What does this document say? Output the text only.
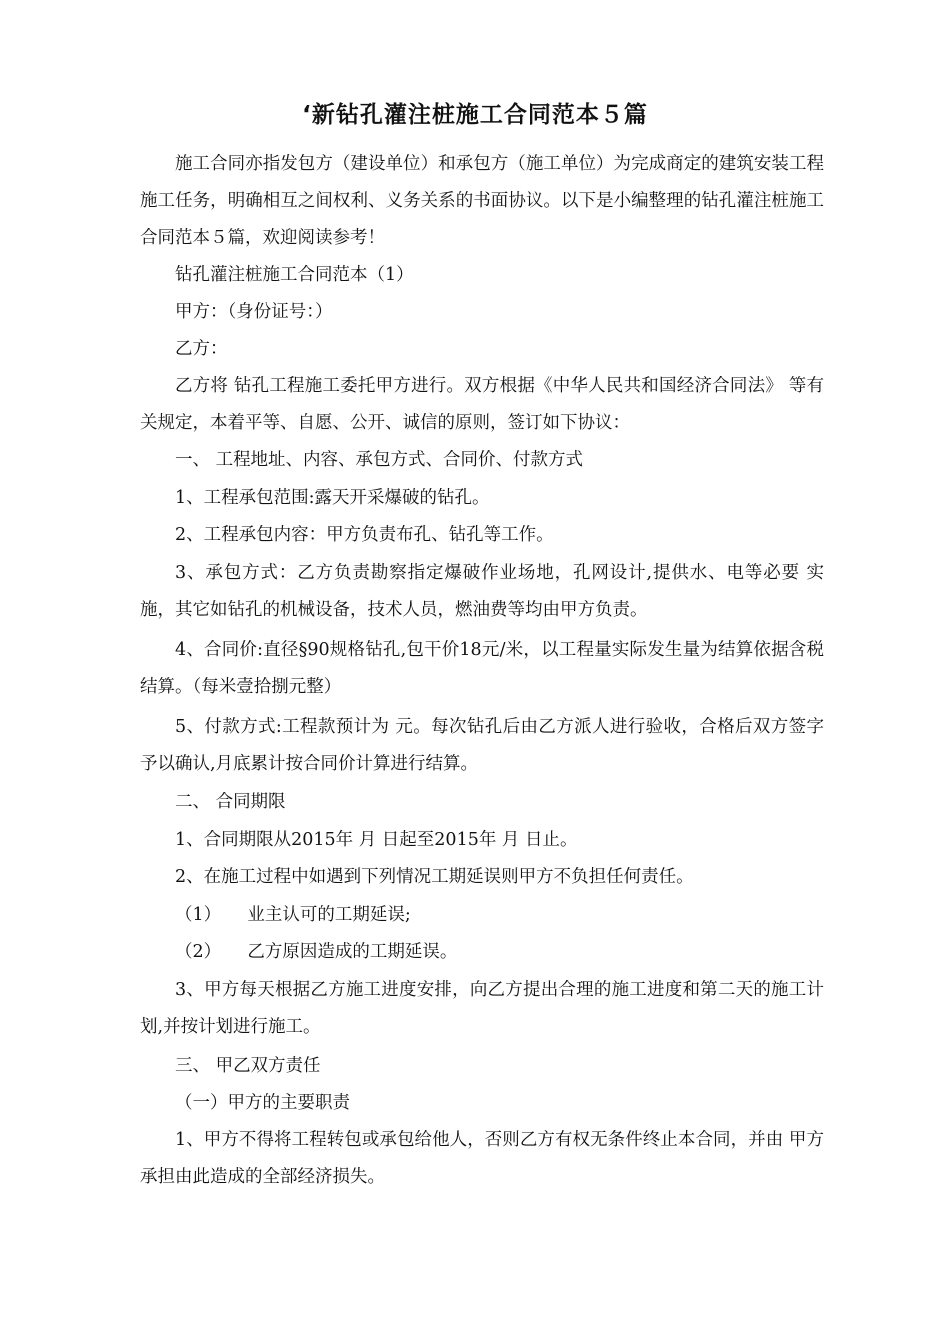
‘新钻孔灌注桩施工合同范本５篇

施工合同亦指发包方（建设单位）和承包方（施工单位）为完成商定的建筑安装工程施工任务，明确相互之间权利、义务关系的书面协议。以下是小编整理的钻孔灌注桩施工合同范本５篇，欢迎阅读参考！

钻孔灌注桩施工合同范本（1）

甲方：（身份证号：）

乙方：

乙方将 钻孔工程施工委托甲方进行。双方根据《中华人民共和国经济合同法》 等有关规定，本着平等、自愿、公开、诚信的原则，签订如下协议：

一、 工程地址、内容、承包方式、合同价、付款方式

1、工程承包范围:露天开采爆破的钻孔。

2、工程承包内容：甲方负责布孔、钻孔等工作。

3、承包方式：乙方负责勘察指定爆破作业场地，孔网设计,提供水、电等必要 实施，其它如钻孔的机械设备，技术人员，燃油费等均由甲方负责。

4、合同价:直径§90规格钻孔,包干价18元/米，以工程量实际发生量为结算依据含税结算。（每米壹拾捌元整）

5、付款方式:工程款预计为 元。每次钻孔后由乙方派人进行验收，合格后双方签字予以确认,月底累计按合同价计算进行结算。

二、 合同期限

1、合同期限从2015年 月 日起至2015年 月 日止。

2、在施工过程中如遇到下列情况工期延误则甲方不负担任何责任。

（1）　　业主认可的工期延误;

（2）　　乙方原因造成的工期延误。

3、甲方每天根据乙方施工进度安排，向乙方提出合理的施工进度和第二天的施工计划,并按计划进行施工。

三、 甲乙双方责任

（一）甲方的主要职责

1、甲方不得将工程转包或承包给他人，否则乙方有权无条件终止本合同，并由 甲方承担由此造成的全部经济损失。
